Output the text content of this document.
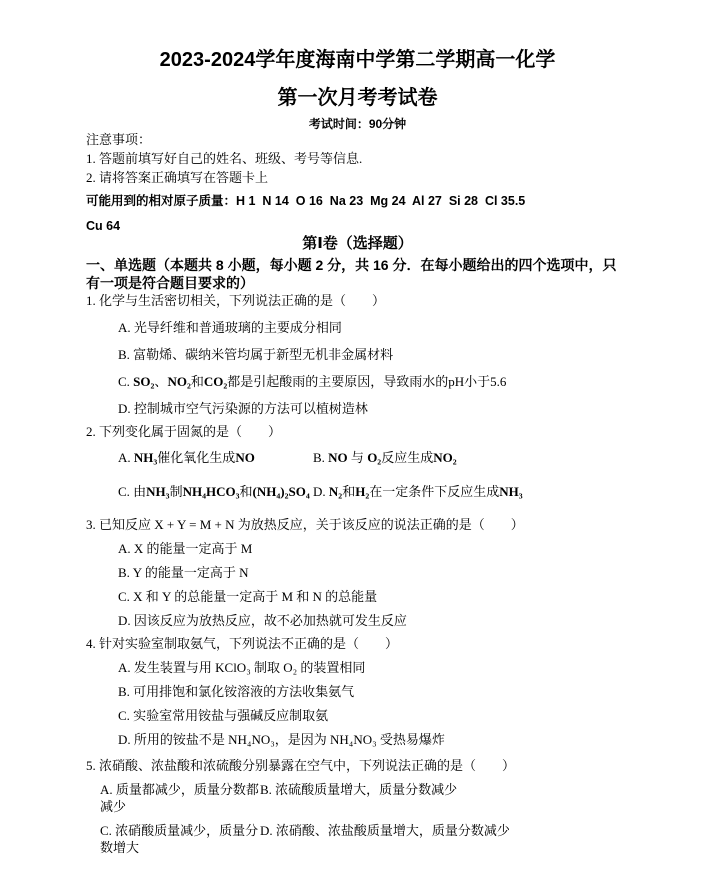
2023-2024学年度海南中学第二学期高一化学
第一次月考考试卷
考试时间：90分钟
注意事项：
1. 答题前填写好自己的姓名、班级、考号等信息.
2. 请将答案正确填写在答题卡上
可能用到的相对原子质量：H 1  N 14  O 16  Na 23  Mg 24  Al 27  Si 28  Cl 35.5
Cu 64
第Ⅰ卷（选择题）
一、单选题（本题共 8 小题，每小题 2 分，共 16 分．在每小题给出的四个选项中，只有一项是符合题目要求的）
1. 化学与生活密切相关，下列说法正确的是（　　）
A. 光导纤维和普通玻璃的主要成分相同
B. 富勒烯、碳纳米管均属于新型无机非金属材料
C. SO₂、NO₂和CO₂都是引起酸雨的主要原因，导致雨水的pH小于5.6
D. 控制城市空气污染源的方法可以植树造林
2. 下列变化属于固氮的是（　　）
A. NH₃催化氧化生成NO	B. NO 与 O₂反应生成NO₂
C. 由NH₃制NH₄HCO₃和(NH₄)₂SO₄ D. N₂和H₂在一定条件下反应生成NH₃
3. 已知反应 X + Y = M + N 为放热反应，关于该反应的说法正确的是（　　）
A. X 的能量一定高于 M
B. Y 的能量一定高于 N
C. X 和 Y 的总能量一定高于 M 和 N 的总能量
D. 因该反应为放热反应，故不必加热就可发生反应
4. 针对实验室制取氨气，下列说法不正确的是（　　）
A. 发生装置与用 KClO₃ 制取 O₂ 的装置相同
B. 可用排饱和氯化铵溶液的方法收集氨气
C. 实验室常用铵盐与强碱反应制取氨
D. 所用的铵盐不是 NH₄NO₃，是因为 NH₄NO₃ 受热易爆炸
5. 浓硝酸、浓盐酸和浓硫酸分别暴露在空气中，下列说法正确的是（　　）
A. 质量都减少，质量分数都减少
B. 浓硫酸质量增大，质量分数减少
C. 浓硝酸质量减少，质量分数增大
D. 浓硝酸、浓盐酸质量增大，质量分数减少
